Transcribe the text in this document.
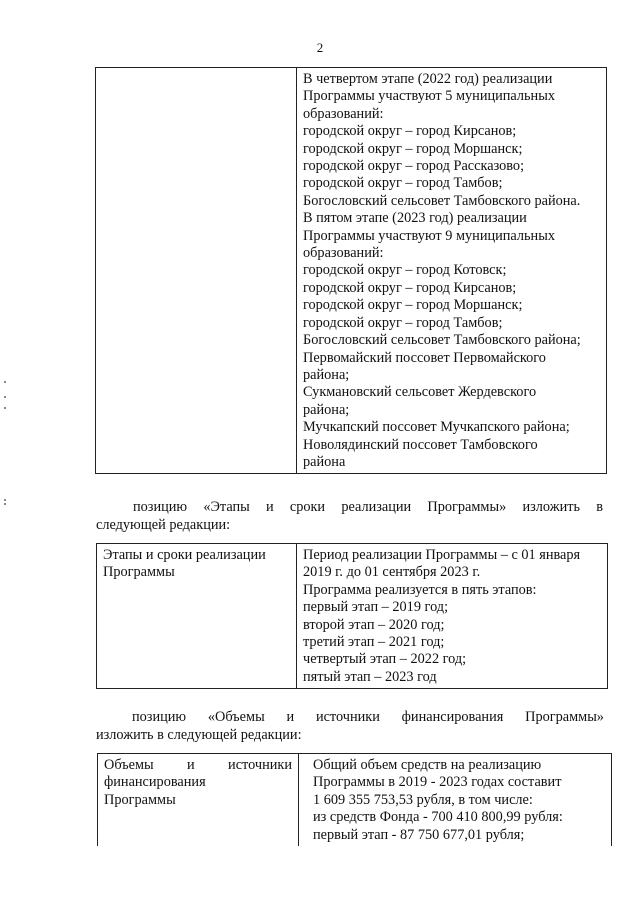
2

В четвертом этапе (2022 год) реализации
Программы участвуют 5 муниципальных
образований:
городской округ – город Кирсанов;
городской округ – город Моршанск;
городской округ – город Рассказово;
городской округ – город Тамбов;
Богословский сельсовет Тамбовского района.
В пятом этапе (2023 год) реализации
Программы участвуют 9 муниципальных
образований:
городской округ – город Котовск;
городской округ – город Кирсанов;
городской округ – город Моршанск;
городской округ – город Тамбов;
Богословский сельсовет Тамбовского района;
Первомайский поссовет Первомайского
района;
Сукмановский сельсовет Жердевского
района;
Мучкапский поссовет Мучкапского района;
Новолядинский поссовет Тамбовского
района
позицию «Этапы и сроки реализации Программы» изложить в
следующей редакции:
Этапы и сроки реализации
Программы

Период реализации Программы – с 01 января
2019 г. до 01 сентября 2023 г.
Программа реализуется в пять этапов:
первый этап – 2019 год;
второй этап – 2020 год;
третий этап – 2021 год;
четвертый этап – 2022 год;
пятый этап – 2023 год
позицию «Объемы и источники финансирования Программы»
изложить в следующей редакции:
Объемы и источники
финансирования
Программы

Общий объем средств на реализацию
Программы в 2019 - 2023 годах составит
1 609 355 753,53 рубля, в том числе:
из средств Фонда - 700 410 800,99 рубля:
первый этап - 87 750 677,01 рубля;
